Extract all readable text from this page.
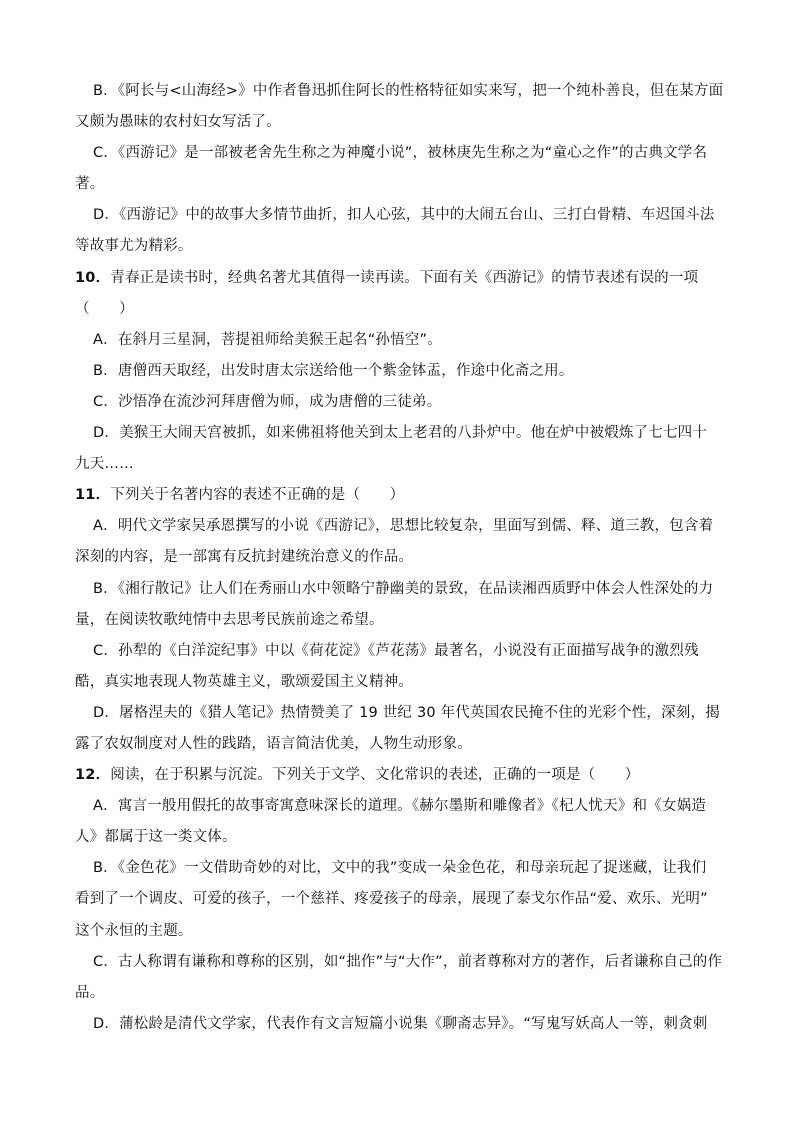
B．《阿长与<山海经>》中作者鲁迅抓住阿长的性格特征如实来写，把一个纯朴善良，但在某方面
又颇为愚昧的农村妇女写活了。
C．《西游记》是一部被老舍先生称之为神魔小说”，被林庚先生称之为“童心之作”的古典文学名
著。
D．《西游记》中的故事大多情节曲折，扣人心弦，其中的大闹五台山、三打白骨精、车迟国斗法
等故事尤为精彩。
10．青春正是读书时，经典名著尤其值得一读再读。下面有关《西游记》的情节表述有误的一项
（　　）
A．在斜月三星洞，菩提祖师给美猴王起名“孙悟空”。
B．唐僧西天取经，出发时唐太宗送给他一个紫金钵盂，作途中化斋之用。
C．沙悟净在流沙河拜唐僧为师，成为唐僧的三徒弟。
D．美猴王大闹天宫被抓，如来佛祖将他关到太上老君的八卦炉中。他在炉中被煅炼了七七四十
九天……
11．下列关于名著内容的表述不正确的是（　　）
A．明代文学家吴承恩撰写的小说《西游记》，思想比较复杂，里面写到儒、释、道三教，包含着
深刻的内容，是一部寓有反抗封建统治意义的作品。
B．《湘行散记》让人们在秀丽山水中领略宁静幽美的景致，在品读湘西质野中体会人性深处的力
量，在阅读牧歌纯情中去思考民族前途之希望。
C．孙犁的《白洋淀纪事》中以《荷花淀》《芦花荡》最著名，小说没有正面描写战争的激烈残
酷，真实地表现人物英雄主义，歌颂爱国主义精神。
D．屠格涅夫的《猎人笔记》热情赞美了 19 世纪 30 年代英国农民掩不住的光彩个性，深刻，揭
露了农奴制度对人性的践踏，语言简洁优美，人物生动形象。
12．阅读，在于积累与沉淀。下列关于文学、文化常识的表述，正确的一项是（　　）
A．寓言一般用假托的故事寄寓意味深长的道理。《赫尔墨斯和雕像者》《杞人忧天》和《女娲造
人》都属于这一类文体。
B．《金色花》一文借助奇妙的对比，文中的我”变成一朵金色花，和母亲玩起了捉迷藏，让我们
看到了一个调皮、可爱的孩子，一个慈祥、疼爱孩子的母亲，展现了泰戈尔作品“爱、欢乐、光明”
这个永恒的主题。
C．古人称谓有谦称和尊称的区别，如“拙作”与“大作”，前者尊称对方的著作，后者谦称自己的作
品。
D．蒲松龄是清代文学家，代表作有文言短篇小说集《聊斋志异》。“写鬼写妖高人一等，刺贪刺
